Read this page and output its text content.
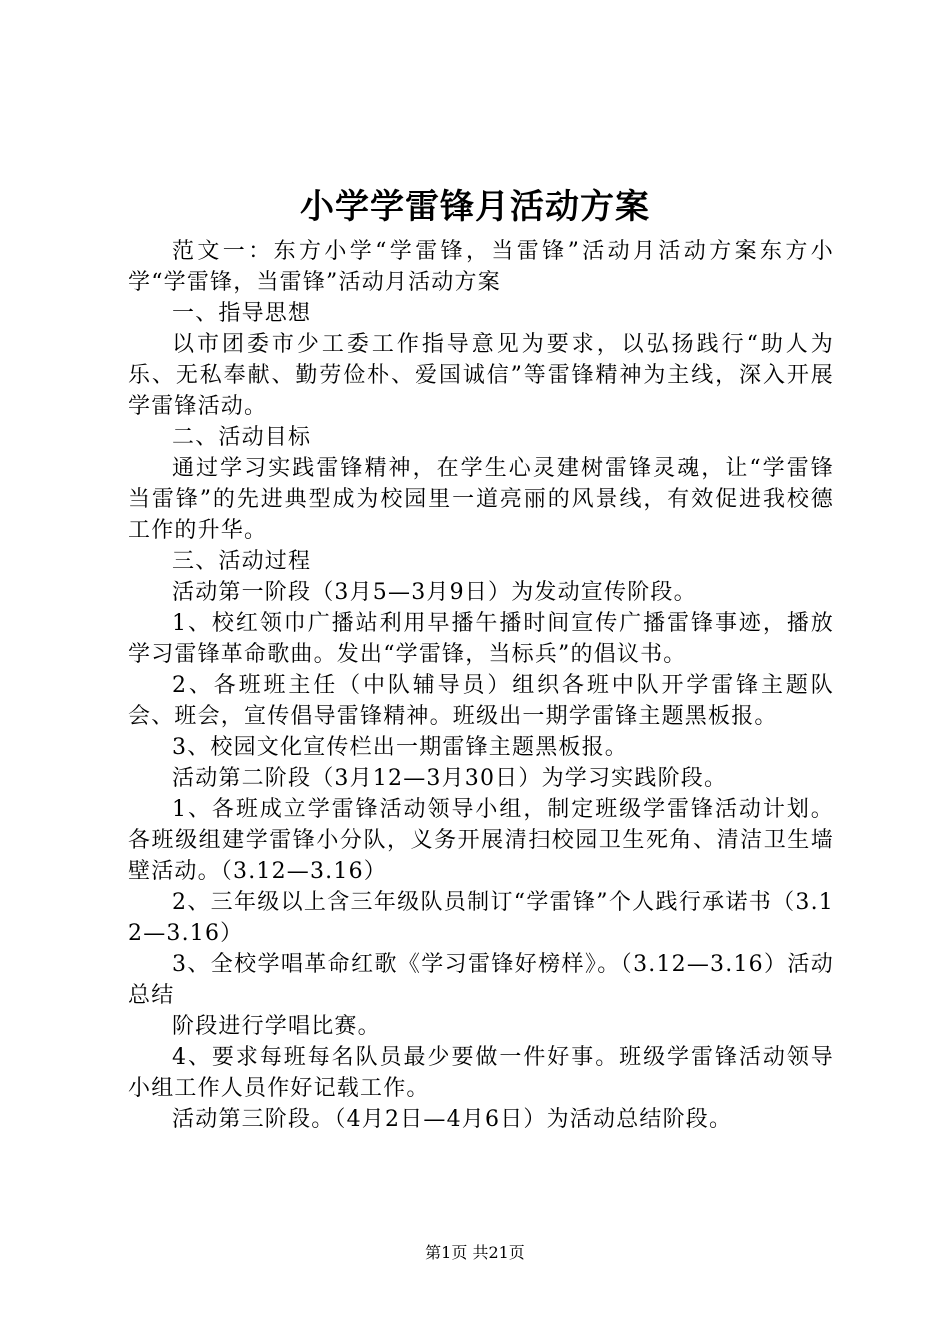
小学学雷锋月活动方案

范文一：东方小学“学雷锋，当雷锋”活动月活动方案东方小学“学雷锋，当雷锋”活动月活动方案

一、指导思想

以市团委市少工委工作指导意见为要求，以弘扬践行“助人为乐、无私奉献、勤劳俭朴、爱国诚信”等雷锋精神为主线，深入开展学雷锋活动。

二、活动目标

通过学习实践雷锋精神，在学生心灵建树雷锋灵魂，让“学雷锋当雷锋”的先进典型成为校园里一道亮丽的风景线，有效促进我校德工作的升华。

三、活动过程

活动第一阶段（3月5—3月9日）为发动宣传阶段。

1、校红领巾广播站利用早播午播时间宣传广播雷锋事迹，播放学习雷锋革命歌曲。发出“学雷锋，当标兵”的倡议书。

2、各班班主任（中队辅导员）组织各班中队开学雷锋主题队会、班会，宣传倡导雷锋精神。班级出一期学雷锋主题黑板报。

3、校园文化宣传栏出一期雷锋主题黑板报。

活动第二阶段（3月12—3月30日）为学习实践阶段。

1、各班成立学雷锋活动领导小组，制定班级学雷锋活动计划。各班级组建学雷锋小分队，义务开展清扫校园卫生死角、清洁卫生墙壁活动。（3.12—3.16）

2、三年级以上含三年级队员制订“学雷锋”个人践行承诺书（3.12—3.16）

3、全校学唱革命红歌《学习雷锋好榜样》。（3.12—3.16）活动总结

阶段进行学唱比赛。

4、要求每班每名队员最少要做一件好事。班级学雷锋活动领导小组工作人员作好记载工作。

活动第三阶段。（4月2日—4月6日）为活动总结阶段。

第1页 共21页
